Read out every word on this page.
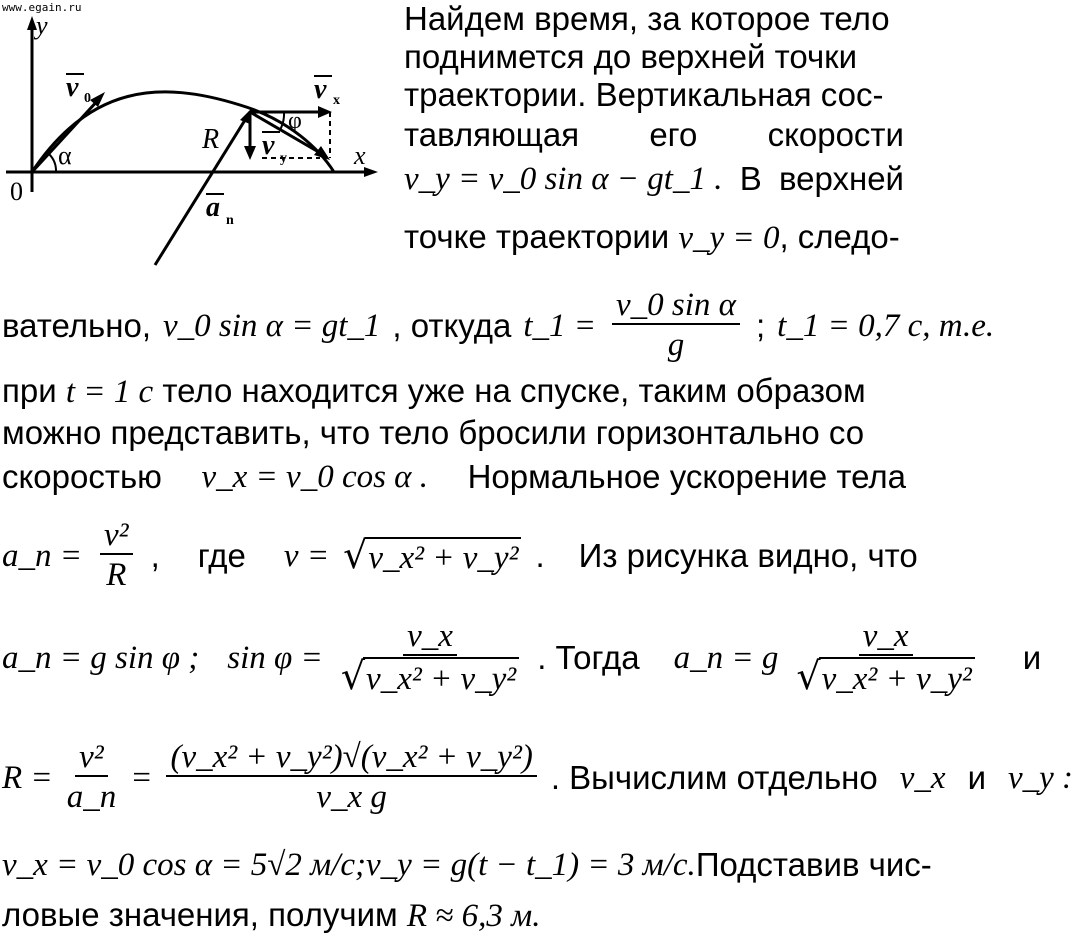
www.egain.ru
y
x
0
v 0
α
R
v x
φ
v y
a n
Найдем время, за которое тело
поднимется до верхней точки
траектории. Вертикальная сос-
тавляющая его скорости
v_y = v_0 sin α − gt_1 . В верхней
точке траектории v_y = 0, следо-
вательно, v_0 sin α = gt_1 , откуда t_1 = $\frac{\text{v\_0 sin α}}{g}$ ; t_1 = 0,7 с, т.е.
при t = 1 с тело находится уже на спуске, таким образом
можно представить, что тело бросили горизонтально со
скоростью v_x = v_0 cos α . Нормальное ускорение тела
a_n = $\frac{\text{v²}}{R}$ , где v = √v_x² + v_y² . Из рисунка видно, что
a_n = g sin φ ; $\sin \varphi = \frac{v\_x}{\text{√v\_x² + v\_y²}}$ . Тогда a_n = g $\frac{v\_x}{\text{√v\_x² + v\_y²}}$ и
$R = \frac{\text{v²}}{a\_n} = \frac{\text{(v\_x² + v\_y²)√(v\_x² + v\_y²)}}{\text{v\_x g}}$ . Вычислим отдельно v_x и v_y :
v_x = v_0 cos α = 5√2 м/с; v_y = g(t − t_1) = 3 м/с. Подставив чис-
ловые значения, получим R ≈ 6,3 м.
